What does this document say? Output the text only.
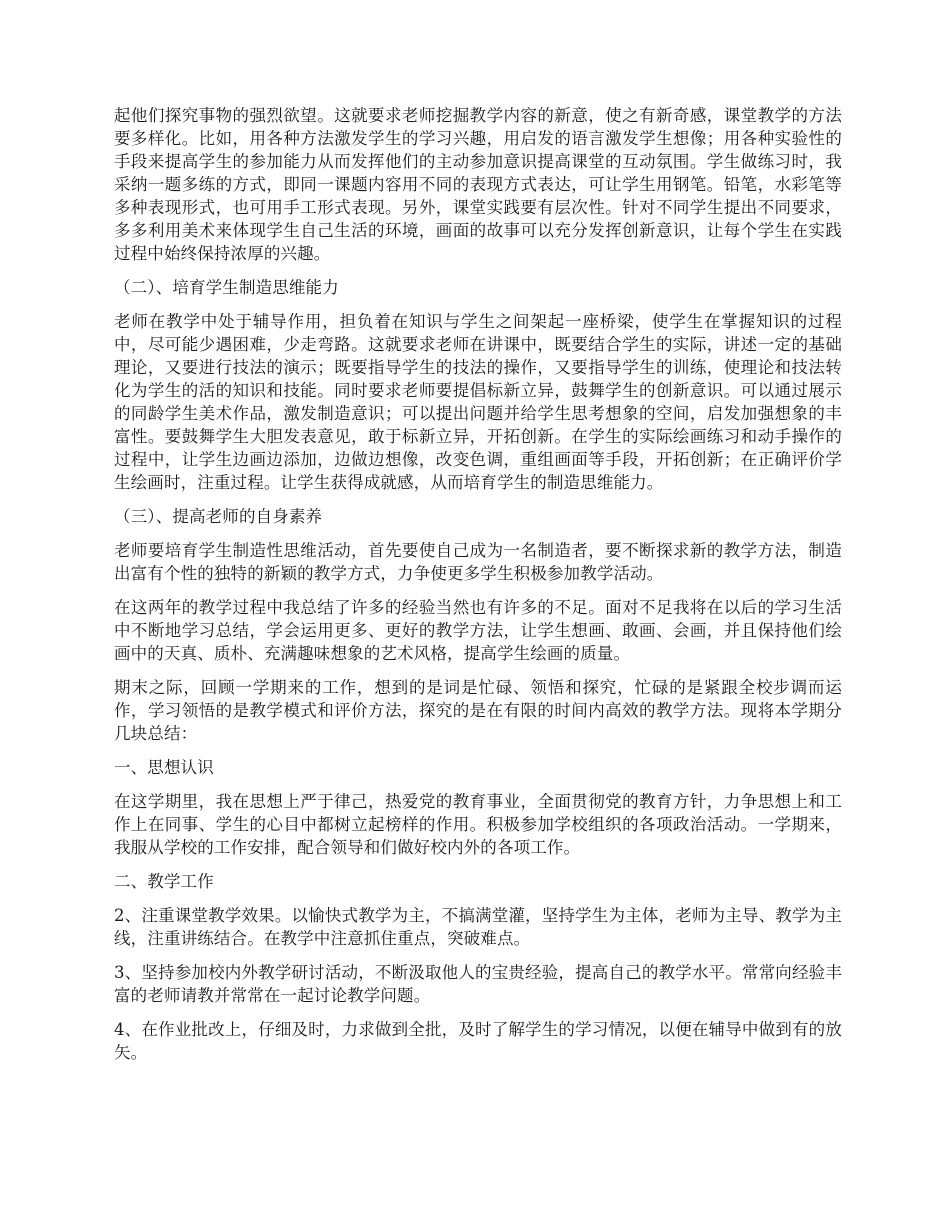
起他们探究事物的强烈欲望。这就要求老师挖掘教学内容的新意，使之有新奇感，课堂教学的方法要多样化。比如，用各种方法激发学生的学习兴趣，用启发的语言激发学生想像；用各种实验性的手段来提高学生的参加能力从而发挥他们的主动参加意识提高课堂的互动氛围。学生做练习时，我采纳一题多练的方式，即同一课题内容用不同的表现方式表达，可让学生用钢笔。铅笔，水彩笔等多种表现形式，也可用手工形式表现。另外，课堂实践要有层次性。针对不同学生提出不同要求，多多利用美术来体现学生自己生活的环境，画面的故事可以充分发挥创新意识，让每个学生在实践过程中始终保持浓厚的兴趣。

（二）、培育学生制造思维能力

老师在教学中处于辅导作用，担负着在知识与学生之间架起一座桥梁，使学生在掌握知识的过程中，尽可能少遇困难，少走弯路。这就要求老师在讲课中，既要结合学生的实际，讲述一定的基础理论，又要进行技法的演示；既要指导学生的技法的操作，又要指导学生的训练，使理论和技法转化为学生的活的知识和技能。同时要求老师要提倡标新立异，鼓舞学生的创新意识。可以通过展示的同龄学生美术作品，激发制造意识；可以提出问题并给学生思考想象的空间，启发加强想象的丰富性。要鼓舞学生大胆发表意见，敢于标新立异，开拓创新。在学生的实际绘画练习和动手操作的过程中，让学生边画边添加，边做边想像，改变色调，重组画面等手段，开拓创新；在正确评价学生绘画时，注重过程。让学生获得成就感，从而培育学生的制造思维能力。

（三）、提高老师的自身素养

老师要培育学生制造性思维活动，首先要使自己成为一名制造者，要不断探求新的教学方法，制造出富有个性的独特的新颖的教学方式，力争使更多学生积极参加教学活动。

在这两年的教学过程中我总结了许多的经验当然也有许多的不足。面对不足我将在以后的学习生活中不断地学习总结，学会运用更多、更好的教学方法，让学生想画、敢画、会画，并且保持他们绘画中的天真、质朴、充满趣味想象的艺术风格，提高学生绘画的质量。

期末之际，回顾一学期来的工作，想到的是词是忙碌、领悟和探究，忙碌的是紧跟全校步调而运作，学习领悟的是教学模式和评价方法，探究的是在有限的时间内高效的教学方法。现将本学期分几块总结：

一、思想认识

在这学期里，我在思想上严于律己，热爱党的教育事业，全面贯彻党的教育方针，力争思想上和工作上在同事、学生的心目中都树立起榜样的作用。积极参加学校组织的各项政治活动。一学期来，我服从学校的工作安排，配合领导和们做好校内外的各项工作。

二、教学工作

2、注重课堂教学效果。以愉快式教学为主，不搞满堂灌，坚持学生为主体，老师为主导、教学为主线，注重讲练结合。在教学中注意抓住重点，突破难点。

3、坚持参加校内外教学研讨活动，不断汲取他人的宝贵经验，提高自己的教学水平。常常向经验丰富的老师请教并常常在一起讨论教学问题。

4、在作业批改上，仔细及时，力求做到全批，及时了解学生的学习情况，以便在辅导中做到有的放矢。
